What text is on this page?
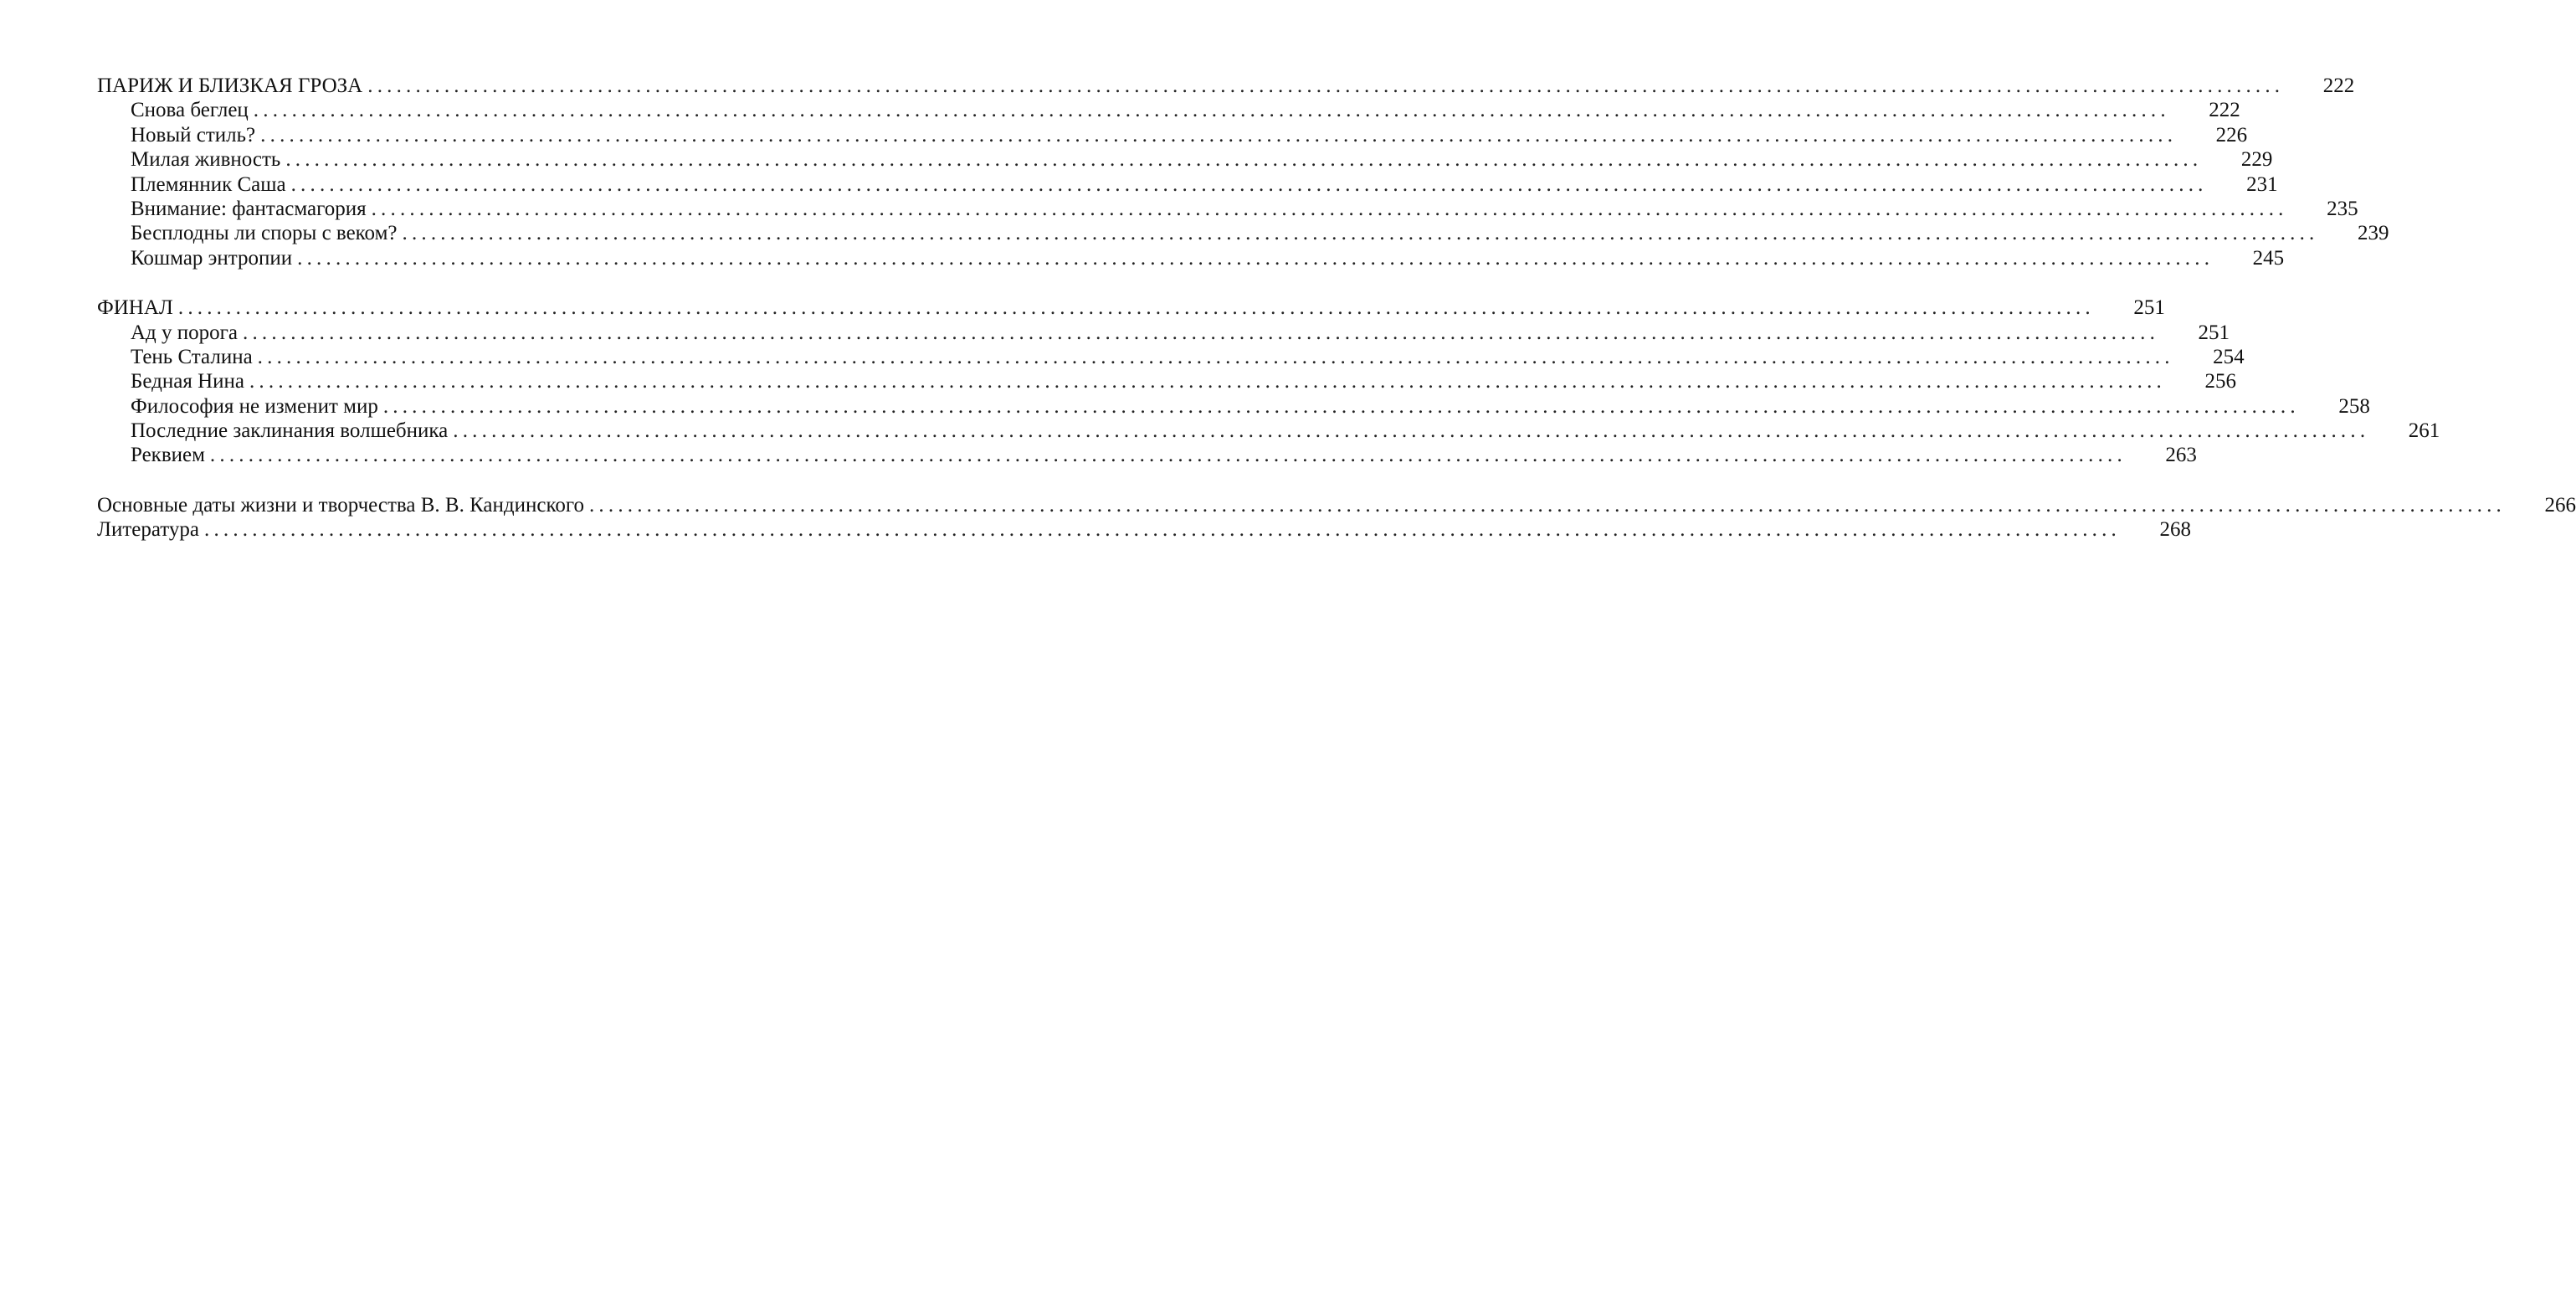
ПАРИЖ И БЛИЗКАЯ ГРОЗА ........................................................................................................................................................................................................ 222
Снова беглец ........................................................................................................................................................................................................ 222
Новый стиль? ........................................................................................................................................................................................................ 226
Милая живность ........................................................................................................................................................................................................ 229
Племянник Саша ........................................................................................................................................................................................................ 231
Внимание: фантасмагория ........................................................................................................................................................................................................ 235
Бесплодны ли споры с веком? ........................................................................................................................................................................................................ 239
Кошмар энтропии ........................................................................................................................................................................................................ 245
ФИНАЛ ........................................................................................................................................................................................................ 251
Ад у порога ........................................................................................................................................................................................................ 251
Тень Сталина ........................................................................................................................................................................................................ 254
Бедная Нина ........................................................................................................................................................................................................ 256
Философия не изменит мир ........................................................................................................................................................................................................ 258
Последние заклинания волшебника ........................................................................................................................................................................................................ 261
Реквием ........................................................................................................................................................................................................ 263
Основные даты жизни и творчества В. В. Кандинского ........................................................................................................................................................................................................ 266
Литература ........................................................................................................................................................................................................ 268
